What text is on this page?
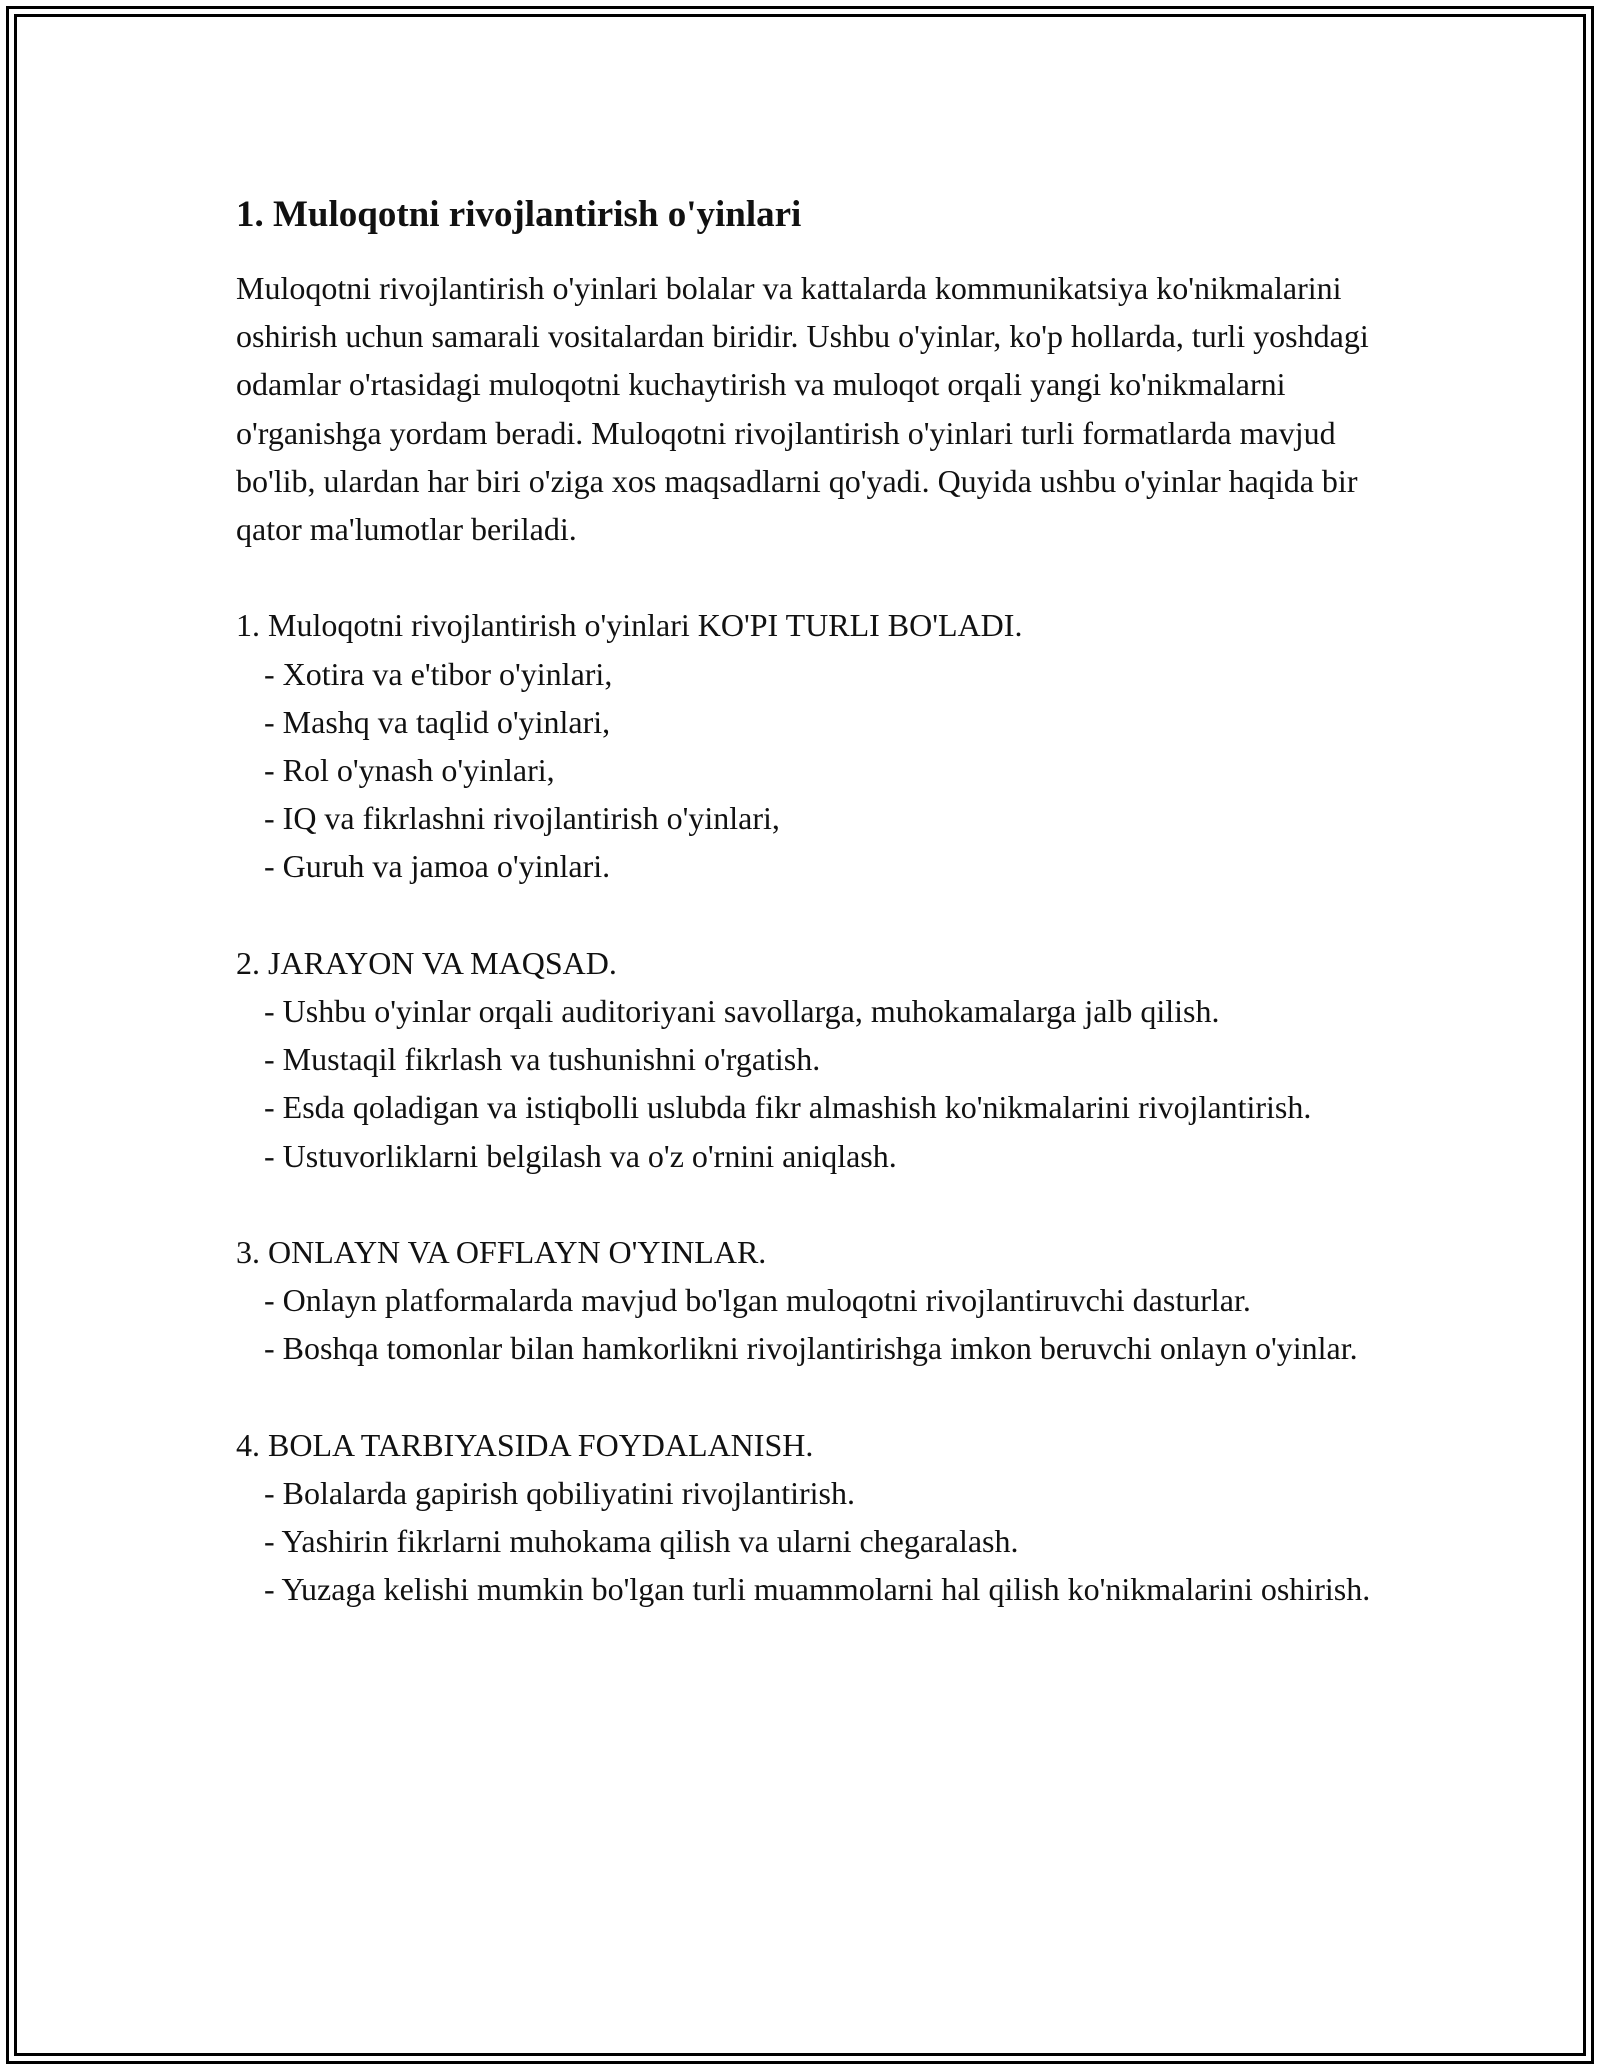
1. Muloqotni rivojlantirish o'yinlari

Muloqotni rivojlantirish o'yinlari bolalar va kattalarda kommunikatsiya ko'nikmalarini oshirish uchun samarali vositalardan biridir. Ushbu o'yinlar, ko'p hollarda, turli yoshdagi odamlar o'rtasidagi muloqotni kuchaytirish va muloqot orqali yangi ko'nikmalarni o'rganishga yordam beradi. Muloqotni rivojlantirish o'yinlari turli formatlarda mavjud bo'lib, ulardan har biri o'ziga xos maqsadlarni qo'yadi. Quyida ushbu o'yinlar haqida bir qator ma'lumotlar beriladi.

1. Muloqotni rivojlantirish o'yinlari KO'PI TURLI BO'LADI.
- Xotira va e'tibor o'yinlari,
- Mashq va taqlid o'yinlari,
- Rol o'ynash o'yinlari,
- IQ va fikrlashni rivojlantirish o'yinlari,
- Guruh va jamoa o'yinlari.
2. JARAYON VA MAQSAD.
- Ushbu o'yinlar orqali auditoriyani savollarga, muhokamalarga jalb qilish.
- Mustaqil fikrlash va tushunishni o'rgatish.
- Esda qoladigan va istiqbolli uslubda fikr almashish ko'nikmalarini rivojlantirish.
- Ustuvorliklarni belgilash va o'z o'rnini aniqlash.
3. ONLAYN VA OFFLAYN O'YINLAR.
- Onlayn platformalarda mavjud bo'lgan muloqotni rivojlantiruvchi dasturlar.
- Boshqa tomonlar bilan hamkorlikni rivojlantirishga imkon beruvchi onlayn o'yinlar.
4. BOLA TARBIYASIDA FOYDALANISH.
- Bolalarda gapirish qobiliyatini rivojlantirish.
- Yashirin fikrlarni muhokama qilish va ularni chegaralash.
- Yuzaga kelishi mumkin bo'lgan turli muammolarni hal qilish ko'nikmalarini oshirish.
